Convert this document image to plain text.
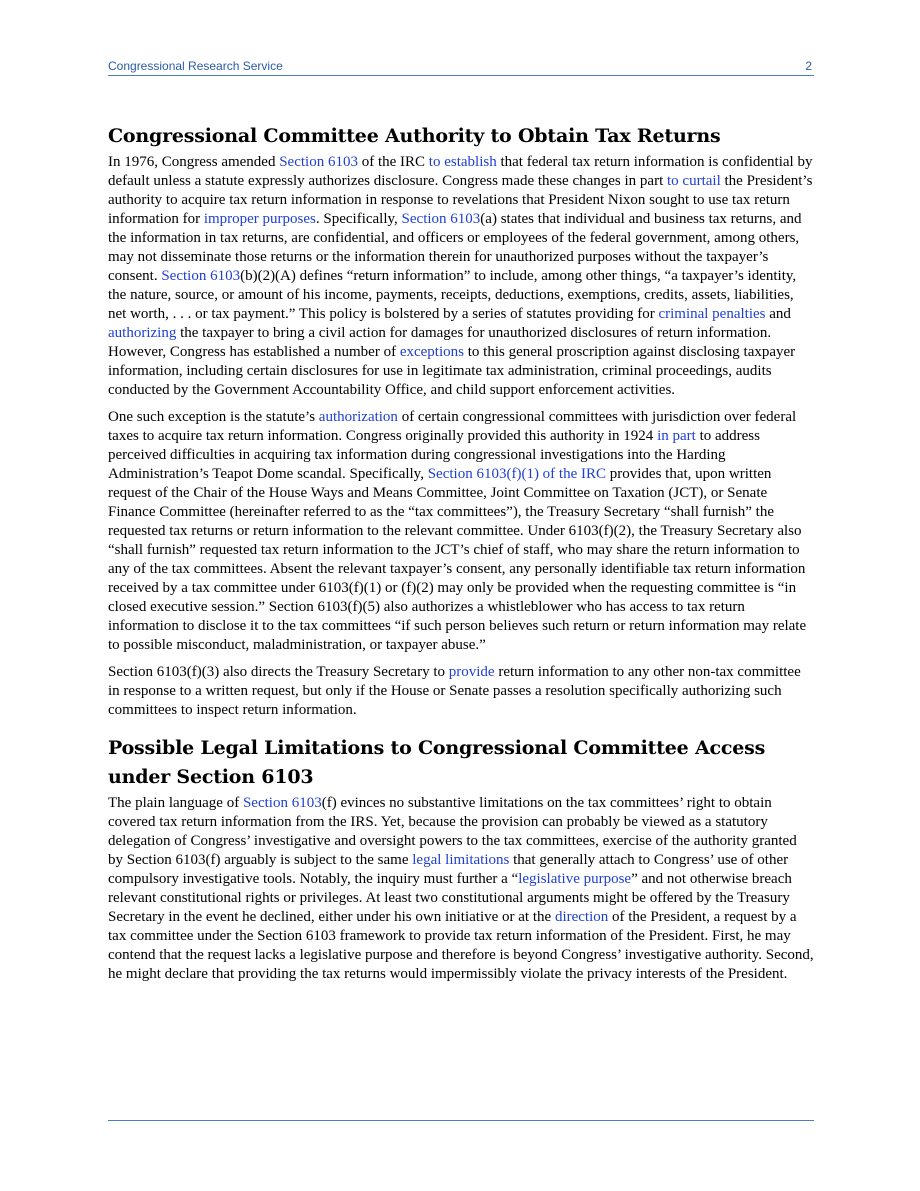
Congressional Research Service	2
Congressional Committee Authority to Obtain Tax Returns

In 1976, Congress amended Section 6103 of the IRC to establish that federal tax return information is confidential by default unless a statute expressly authorizes disclosure. Congress made these changes in part to curtail the President’s authority to acquire tax return information in response to revelations that President Nixon sought to use tax return information for improper purposes. Specifically, Section 6103(a) states that individual and business tax returns, and the information in tax returns, are confidential, and officers or employees of the federal government, among others, may not disseminate those returns or the information therein for unauthorized purposes without the taxpayer’s consent. Section 6103(b)(2)(A) defines “return information” to include, among other things, “a taxpayer’s identity, the nature, source, or amount of his income, payments, receipts, deductions, exemptions, credits, assets, liabilities, net worth, . . . or tax payment.” This policy is bolstered by a series of statutes providing for criminal penalties and authorizing the taxpayer to bring a civil action for damages for unauthorized disclosures of return information. However, Congress has established a number of exceptions to this general proscription against disclosing taxpayer information, including certain disclosures for use in legitimate tax administration, criminal proceedings, audits conducted by the Government Accountability Office, and child support enforcement activities.

One such exception is the statute’s authorization of certain congressional committees with jurisdiction over federal taxes to acquire tax return information. Congress originally provided this authority in 1924 in part to address perceived difficulties in acquiring tax information during congressional investigations into the Harding Administration’s Teapot Dome scandal. Specifically, Section 6103(f)(1) of the IRC provides that, upon written request of the Chair of the House Ways and Means Committee, Joint Committee on Taxation (JCT), or Senate Finance Committee (hereinafter referred to as the “tax committees”), the Treasury Secretary “shall furnish” the requested tax returns or return information to the relevant committee. Under 6103(f)(2), the Treasury Secretary also “shall furnish” requested tax return information to the JCT’s chief of staff, who may share the return information to any of the tax committees. Absent the relevant taxpayer’s consent, any personally identifiable tax return information received by a tax committee under 6103(f)(1) or (f)(2) may only be provided when the requesting committee is “in closed executive session.” Section 6103(f)(5) also authorizes a whistleblower who has access to tax return information to disclose it to the tax committees “if such person believes such return or return information may relate to possible misconduct, maladministration, or taxpayer abuse.”

Section 6103(f)(3) also directs the Treasury Secretary to provide return information to any other non-tax committee in response to a written request, but only if the House or Senate passes a resolution specifically authorizing such committees to inspect return information.

Possible Legal Limitations to Congressional Committee Access under Section 6103

The plain language of Section 6103(f) evinces no substantive limitations on the tax committees’ right to obtain covered tax return information from the IRS. Yet, because the provision can probably be viewed as a statutory delegation of Congress’ investigative and oversight powers to the tax committees, exercise of the authority granted by Section 6103(f) arguably is subject to the same legal limitations that generally attach to Congress’ use of other compulsory investigative tools. Notably, the inquiry must further a “legislative purpose” and not otherwise breach relevant constitutional rights or privileges. At least two constitutional arguments might be offered by the Treasury Secretary in the event he declined, either under his own initiative or at the direction of the President, a request by a tax committee under the Section 6103 framework to provide tax return information of the President. First, he may contend that the request lacks a legislative purpose and therefore is beyond Congress’ investigative authority. Second, he might declare that providing the tax returns would impermissibly violate the privacy interests of the President.
